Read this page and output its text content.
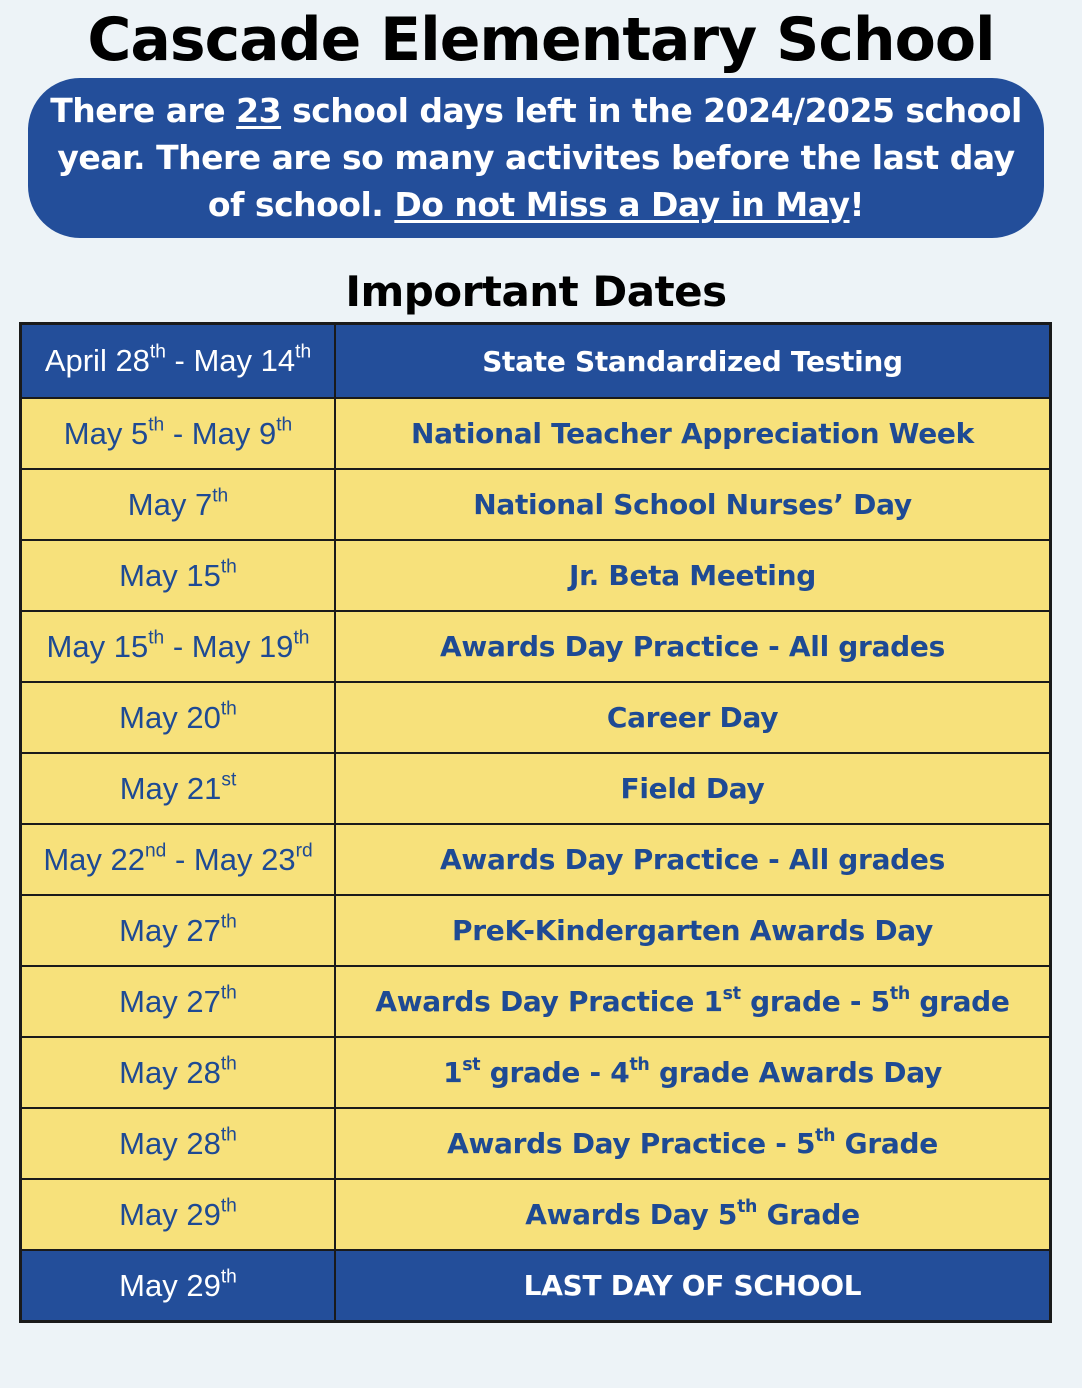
Cascade Elementary School
There are 23 school days left in the 2024/2025 school year. There are so many activites before the last day of school. Do not Miss a Day in May!
Important Dates
April 28th - May 14th	State Standardized Testing
May 5th - May 9th	National Teacher Appreciation Week
May 7th	National School Nurses’ Day
May 15th	Jr. Beta Meeting
May 15th - May 19th	Awards Day Practice - All grades
May 20th	Career Day
May 21st	Field Day
May 22nd - May 23rd	Awards Day Practice - All grades
May 27th	PreK-Kindergarten Awards Day
May 27th	Awards Day Practice 1st grade - 5th grade
May 28th	1st grade - 4th grade Awards Day
May 28th	Awards Day Practice - 5th Grade
May 29th	Awards Day 5th Grade
May 29th	LAST DAY OF SCHOOL
